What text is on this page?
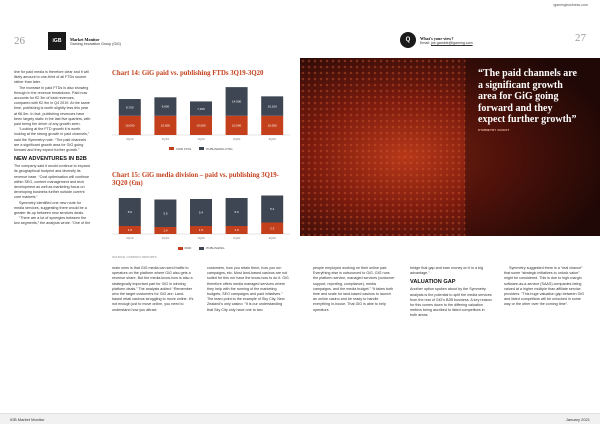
igamingbusiness.com
26	iGB Market Monitor
Gaming Innovation Group (GiG)
Q What's your view?
Email: joe.gamble@igaming.com	27

line for paid media is therefore clear and it will likely amount to one-third of all FTDs sooner rather than later.

The increase in paid FTDs is also showing through in the revenue breakdown. Paid now accounts for €2.3m of total revenues, compared with €2.9m in Q4 2019. At the same time, publishing is worth slightly less this year at €6.5m. In fact, publishing revenues have been largely static in the last five quarters, with paid being the driver of any growth seen.

“Looking at the FTD growth it is worth looking at the strong growth in paid channels,” said the Symmetry note. “The paid channels are a significant growth area for GiG going forward and they expect further growth.”

NEW ADVENTURES IN B2B

The company said it would continue to expand its geographical footprint and diversify its revenue base. “Cost optimisation will continue within SEO, content management and tech development as well as marketing focus on developing business further outside current core markets.”

Symmetry identified one new route for media services, suggesting there would be a greater tie-up between new services deals.

“There are a lot of synergies between the two segments,” the analysts wrote. “One of the

Chart 14: GiG paid vs. publishing FTDs 3Q19-3Q20
10,000
8,700
3Q19
10,000
9,600
4Q19
10,000
7,456
1Q20
10,000
14,900
2Q20
10,000
10,100
3Q20
PAID FTDs	PUBLISHING FTDs
Chart 15: GiG media division – paid vs. publishing 3Q19-3Q20 (€m)
1.6
5.6
3Q19
1.4
5.5
4Q19
1.6
5.4
1Q20
1.6
5.6
2Q20
2.3
5.4
3Q20
PAID	PUBLISHING
SOURCE: COMPANY REPORTS
“The paid channels are a significant growth area for GiG going forward and they expect further growth”
SYMMETRY INVEST

main ones is that GiG media can send traffic to operators on the platform where GiG also gets a revenue share. But the media know-how is also a strategically important part for GiG in winning platform deals.” The analysts added: “Remember who the target customers for GiG are: Land-based retail casinos struggling to move online. It’s not enough just to move online, you need to understand how you attract

customers, how you retain them, how you run campaigns, etc. Most land-based casinos are not suited for this nor have the know-how to do it. GiG therefore offers media managed services where they help with the running of the marketing budgets, SEO campaigns and paid initiatives.” The team point to the example of Sky City, New Zealand’s only casino: “It is our understanding that Sky City only have one to two

people employed working on their online part. Everything else is outsourced to GiG. GiG runs the platform service, managed services (customer support, reporting, compliance), media campaigns, and the media budget.” “It takes both time and scale for land-based casinos to launch an online casino and be ready to handle everything in-house. That GiG is able to help operators

bridge that gap and earn money on it is a big advantage.”

VALUATION GAP

Another option spoken about by the Symmetry analysts is the potential to split the media services from the rest of GiG’s B2B business. A key reason for this comes down to the differing valuation metrics being ascribed to listed competitors in both areas.

Symmetry suggested there is a “real chance” that some “strategic initiatives to unlock value” might be considered. This is due to high-margin software-as-a-service (SAAS) companies being valued at a higher multiple than affiliate service providers. “This huge valuation gap between GiG and listed competitors will be unlocked in some way or the other over the coming time”.

iGB Market Monitor	January 2021
